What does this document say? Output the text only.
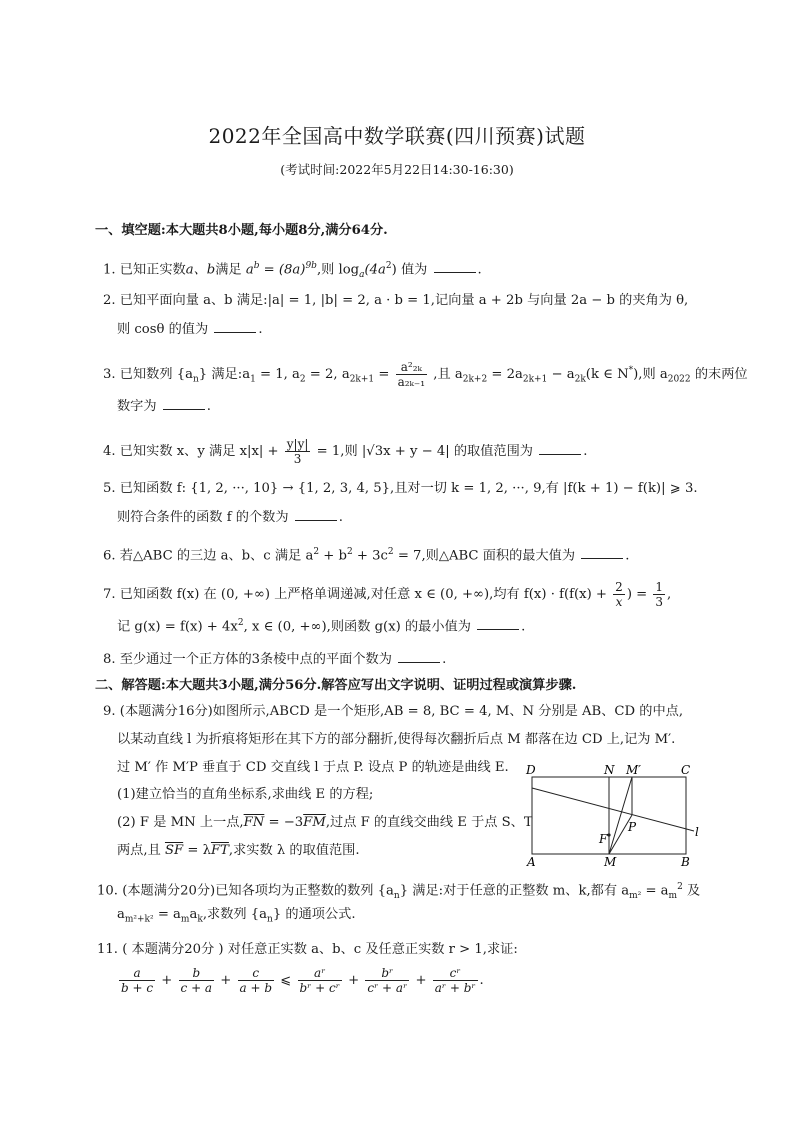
2022年全国高中数学联赛(四川预赛)试题
(考试时间:2022年5月22日14:30-16:30)
一、填空题:本大题共8小题,每小题8分,满分64分.
1. 已知正实数a、b满足 $a^b = (8a)^{9b}$,则 $\log_a(4a^2)$ 值为	.
2. 已知平面向量 a、b 满足:|a| = 1, |b| = 2, a · b = 1,记向量 a + 2b 与向量 2a − b 的夹角为 θ,
则 cosθ 的值为	.
3. 已知数列 $\{a_n\}$ 满足$:a_1 = 1$, $a_2 = 2$, $a_{2k+1} = \frac{\text{a²₂ₖ}}{\text{a₂ₖ₋₁}}$ ,且 $a_{2k+2} = 2a_{2k+1} - a_{2k}(k$ ∈ N*),则 $a_{2022}$ 的末两位
数字为	.
4. 已知实数 x、y 满足 $x|x| + \frac{y|y|}{3} = 1$,则 |√3x + y − 4| 的取值范围为	.
5. 已知函数 f: {1, 2, ···, 10} → {1, 2, 3, 4, 5},且对一切 k = 1, 2, ···, 9,有 |f(k + 1) − f(k)| ⩾ 3.
则符合条件的函数 f 的个数为	.
6. 若△ABC 的三边 a、b、c 满足 $a^2 + b^2 + 3c^2 = 7$,则△ABC 面积的最大值为	.
7. 已知函数 f(x) 在 (0, +∞) 上严格单调递减,对任意 x ∈ (0, +∞),均有 $f(x) \cdot f(f(x) + \frac{2}{x}$ ) = $\frac{1}{3}$ ,
记 $g(x) = f(x) + 4x^2$, x ∈ (0, +∞),则函数 g(x) 的最小值为	.
8. 至少通过一个正方体的3条棱中点的平面个数为	.
二、解答题:本大题共3小题,满分56分.解答应写出文字说明、证明过程或演算步骤.
9. (本题满分16分)如图所示,ABCD 是一个矩形,AB = 8, BC = 4, M、N 分别是 AB、CD 的中点,
以某动直线 l 为折痕将矩形在其下方的部分翻折,使得每次翻折后点 M 都落在边 CD 上,记为 M′.
过 M′ 作 M′P 垂直于 CD 交直线 l 于点 P. 设点 P 的轨迹是曲线 E.
(1)建立恰当的直角坐标系,求曲线 E 的方程;
(2) F 是 MN 上一点$,\overline{FN} = -3\overline{FM}$,过点 F 的直线交曲线 E 于点 S、T
两点,且 $\overline{SF} = \lambda\overline{FT}$,求实数 λ 的取值范围.
D	N M′	C
F
P	l
A	M	B
10. (本题满分20分)已知各项均为正整数的数列 $\{a_n\}$ 满足:对于任意的正整数 m、k,都有 $a_{m^2} = a_m^2$ 及
$a_{m^2+k^2} = a_ma_k$,求数列 $\{a_n\}$ 的通项公式.
11. ( 本题满分20分 ) 对任意正实数 a、b、c 及任意正实数 r > 1,求证:
$\frac{a}{b + c} + \frac{b}{c + a} + \frac{c}{a + b}$ ⩽ $\frac{\text{aʳ}}{\text{bʳ + cʳ}} + \frac{\text{bʳ}}{\text{cʳ + aʳ}} + \frac{\text{cʳ}}{\text{aʳ + bʳ}}$ .
